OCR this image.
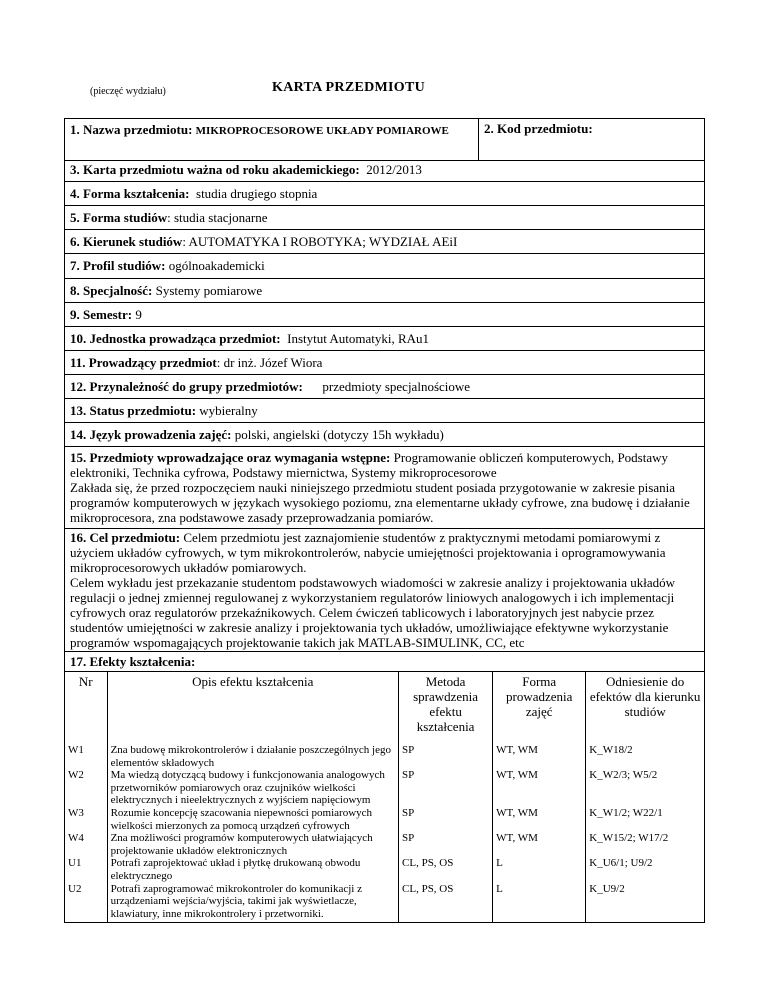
(pieczęć wydziału)	KARTA PRZEDMIOTU
1. Nazwa przedmiotu: MIKROPROCESOROWE UKŁADY POMIAROWE	2. Kod przedmiotu:
3. Karta przedmiotu ważna od roku akademickiego: 2012/2013
4. Forma kształcenia: studia drugiego stopnia
5. Forma studiów: studia stacjonarne
6. Kierunek studiów: AUTOMATYKA I ROBOTYKA; WYDZIAŁ AEiI
7. Profil studiów: ogólnoakademicki
8. Specjalność: Systemy pomiarowe
9. Semestr: 9
10. Jednostka prowadząca przedmiot: Instytut Automatyki, RAu1
11. Prowadzący przedmiot: dr inż. Józef Wiora
12. Przynależność do grupy przedmiotów: przedmioty specjalnościowe
13. Status przedmiotu: wybieralny
14. Język prowadzenia zajęć: polski, angielski (dotyczy 15h wykładu)
15. Przedmioty wprowadzające oraz wymagania wstępne: Programowanie obliczeń komputerowych, Podstawy elektroniki, Technika cyfrowa, Podstawy miernictwa, Systemy mikroprocesorowe
Zakłada się, że przed rozpoczęciem nauki niniejszego przedmiotu student posiada przygotowanie w zakresie pisania programów komputerowych w językach wysokiego poziomu, zna elementarne układy cyfrowe, zna budowę i działanie mikroprocesora, zna podstawowe zasady przeprowadzania pomiarów.
16. Cel przedmiotu: Celem przedmiotu jest zaznajomienie studentów z praktycznymi metodami pomiarowymi z użyciem układów cyfrowych, w tym mikrokontrolerów, nabycie umiejętności projektowania i oprogramowywania mikroprocesorowych układów pomiarowych.
Celem wykładu jest przekazanie studentom podstawowych wiadomości w zakresie analizy i projektowania układów regulacji o jednej zmiennej regulowanej z wykorzystaniem regulatorów liniowych analogowych i ich implementacji cyfrowych oraz regulatorów przekaźnikowych. Celem ćwiczeń tablicowych i laboratoryjnych jest nabycie przez studentów umiejętności w zakresie analizy i projektowania tych układów, umożliwiające efektywne wykorzystanie programów wspomagających projektowanie takich jak MATLAB-SIMULINK, CC, etc

17. Efekty kształcenia:
Nr	Opis efektu kształcenia	Metoda sprawdzenia efektu kształcenia	Forma prowadzenia zajęć	Odniesienie do efektów dla kierunku studiów
W1	Zna budowę mikrokontrolerów i działanie poszczególnych jego elementów składowych	SP	WT, WM	K_W18/2
W2	Ma wiedzą dotyczącą budowy i funkcjonowania analogowych przetworników pomiarowych oraz czujników wielkości elektrycznych i nieelektrycznych z wyjściem napięciowym	SP	WT, WM	K_W2/3; W5/2
W3	Rozumie koncepcję szacowania niepewności pomiarowych wielkości mierzonych za pomocą urządzeń cyfrowych	SP	WT, WM	K_W1/2; W22/1
W4	Zna możliwości programów komputerowych ułatwiających projektowanie układów elektronicznych	SP	WT, WM	K_W15/2; W17/2
U1	Potrafi zaprojektować układ i płytkę drukowaną obwodu elektrycznego	CL, PS, OS	L	K_U6/1; U9/2
U2	Potrafi zaprogramować mikrokontroler do komunikacji z urządzeniami wejścia/wyjścia, takimi jak wyświetlacze, klawiatury, inne mikrokontrolery i przetworniki.	CL, PS, OS	L	K_U9/2
